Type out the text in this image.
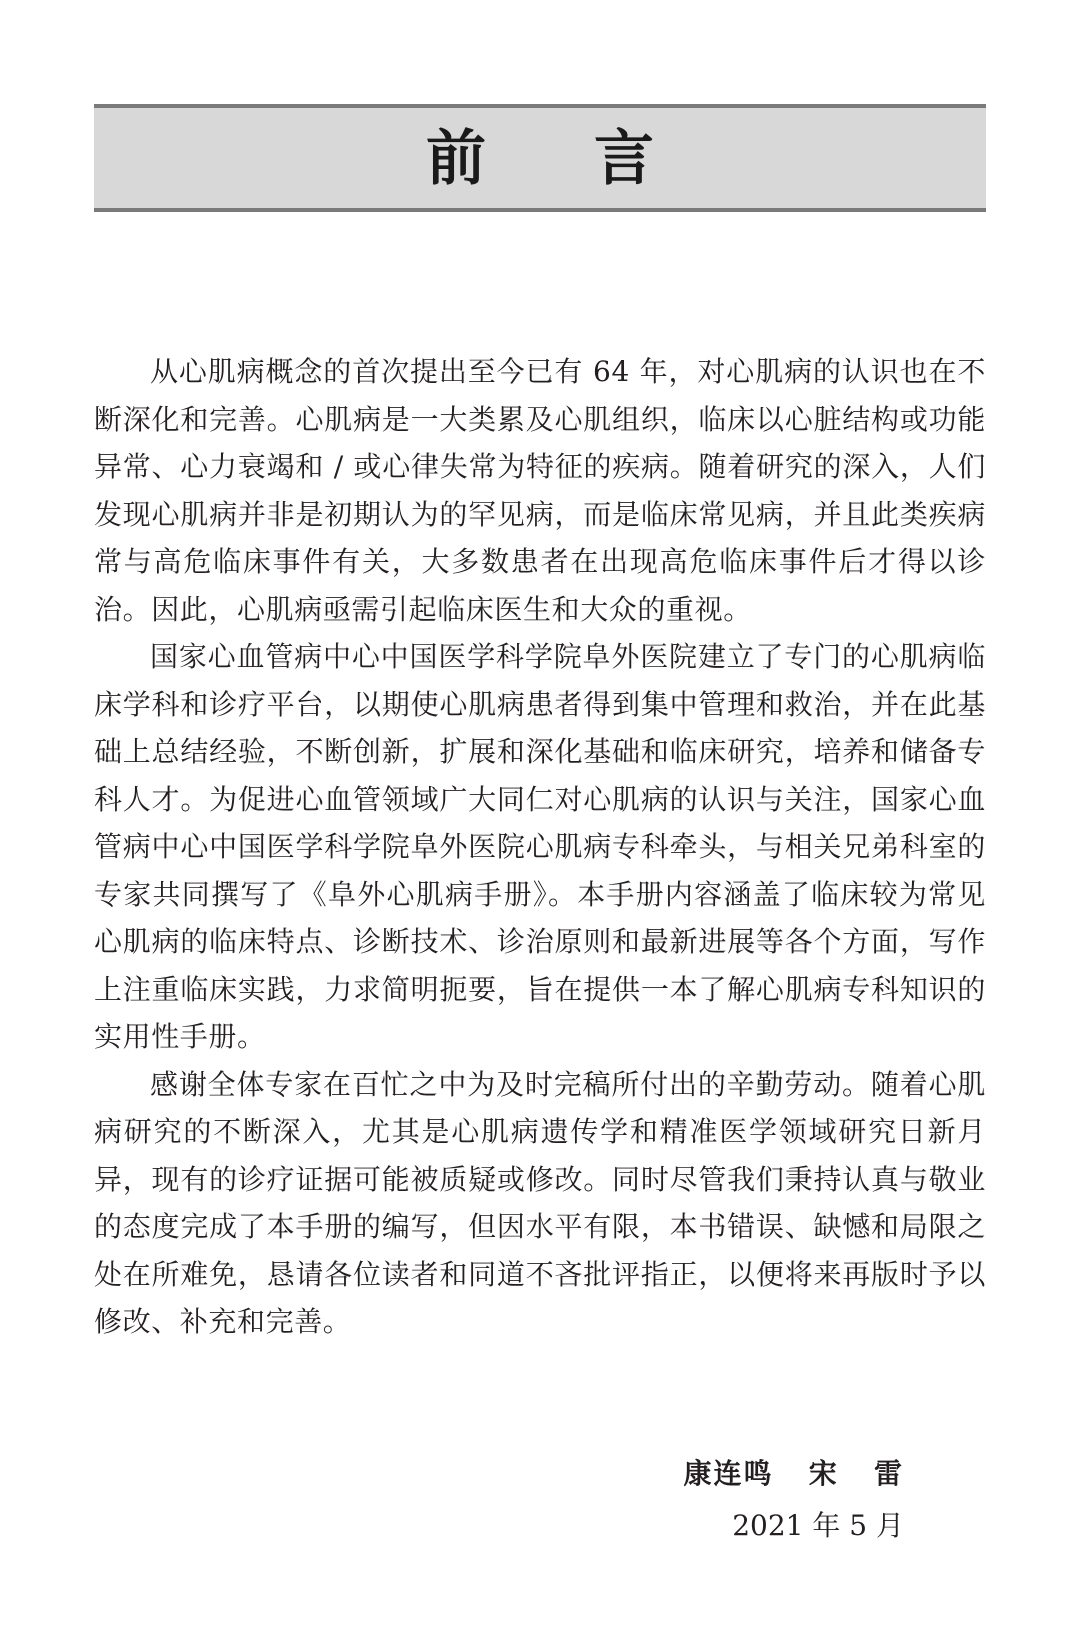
前言

从心肌病概念的首次提出至今已有 64 年，对心肌病的认识也在不断深化和完善。心肌病是一大类累及心肌组织，临床以心脏结构或功能异常、心力衰竭和 / 或心律失常为特征的疾病。随着研究的深入，人们发现心肌病并非是初期认为的罕见病，而是临床常见病，并且此类疾病常与高危临床事件有关，大多数患者在出现高危临床事件后才得以诊治。因此，心肌病亟需引起临床医生和大众的重视。

国家心血管病中心中国医学科学院阜外医院建立了专门的心肌病临床学科和诊疗平台，以期使心肌病患者得到集中管理和救治，并在此基础上总结经验，不断创新，扩展和深化基础和临床研究，培养和储备专科人才。为促进心血管领域广大同仁对心肌病的认识与关注，国家心血管病中心中国医学科学院阜外医院心肌病专科牵头，与相关兄弟科室的专家共同撰写了《阜外心肌病手册》。本手册内容涵盖了临床较为常见心肌病的临床特点、诊断技术、诊治原则和最新进展等各个方面，写作上注重临床实践，力求简明扼要，旨在提供一本了解心肌病专科知识的实用性手册。

感谢全体专家在百忙之中为及时完稿所付出的辛勤劳动。随着心肌病研究的不断深入，尤其是心肌病遗传学和精准医学领域研究日新月异，现有的诊疗证据可能被质疑或修改。同时尽管我们秉持认真与敬业的态度完成了本手册的编写，但因水平有限，本书错误、缺憾和局限之处在所难免，恳请各位读者和同道不吝批评指正，以便将来再版时予以修改、补充和完善。

康连鸣   宋   雷
2021 年 5 月
